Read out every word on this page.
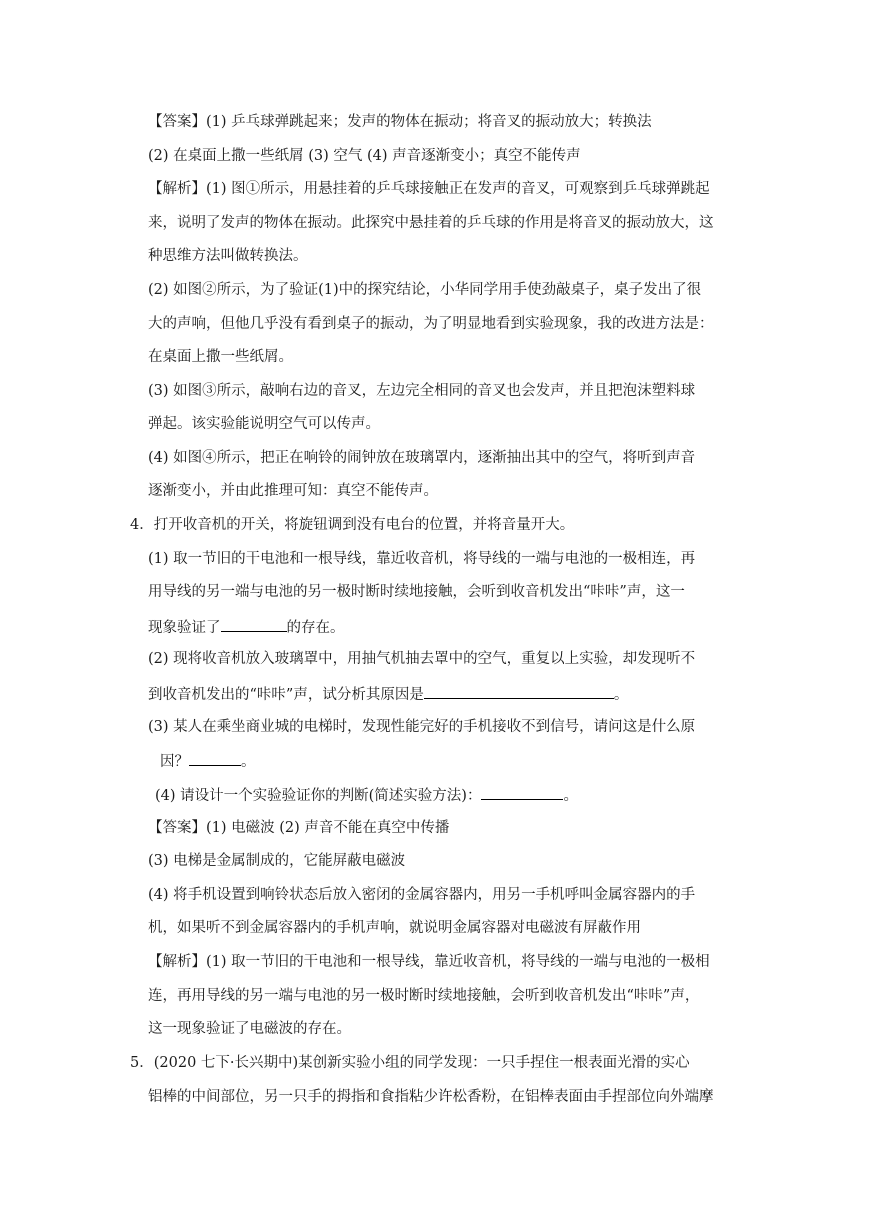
【答案】(1) 乒乓球弹跳起来；发声的物体在振动；将音叉的振动放大；转换法
(2) 在桌面上撒一些纸屑 (3) 空气 (4) 声音逐渐变小；真空不能传声
【解析】(1) 图①所示，用悬挂着的乒乓球接触正在发声的音叉，可观察到乒乓球弹跳起
来，说明了发声的物体在振动。此探究中悬挂着的乒乓球的作用是将音叉的振动放大，这
种思维方法叫做转换法。
(2) 如图②所示，为了验证(1)中的探究结论，小华同学用手使劲敲桌子，桌子发出了很
大的声响，但他几乎没有看到桌子的振动，为了明显地看到实验现象，我的改进方法是：
在桌面上撒一些纸屑。
(3) 如图③所示，敲响右边的音叉，左边完全相同的音叉也会发声，并且把泡沫塑料球
弹起。该实验能说明空气可以传声。
(4) 如图④所示，把正在响铃的闹钟放在玻璃罩内，逐渐抽出其中的空气，将听到声音
逐渐变小，并由此推理可知：真空不能传声。
4．打开收音机的开关，将旋钮调到没有电台的位置，并将音量开大。
(1) 取一节旧的干电池和一根导线，靠近收音机，将导线的一端与电池的一极相连，再
用导线的另一端与电池的另一极时断时续地接触，会听到收音机发出“咔咔”声，这一
现象验证了	的存在。
(2) 现将收音机放入玻璃罩中，用抽气机抽去罩中的空气，重复以上实验，却发现听不
到收音机发出的“咔咔”声，试分析其原因是	。
(3) 某人在乘坐商业城的电梯时，发现性能完好的手机接收不到信号，请问这是什么原
因？	。
(4) 请设计一个实验验证你的判断(简述实验方法)：	。
【答案】(1) 电磁波 (2) 声音不能在真空中传播
(3) 电梯是金属制成的，它能屏蔽电磁波
(4) 将手机设置到响铃状态后放入密闭的金属容器内，用另一手机呼叫金属容器内的手
机，如果听不到金属容器内的手机声响，就说明金属容器对电磁波有屏蔽作用
【解析】(1) 取一节旧的干电池和一根导线，靠近收音机，将导线的一端与电池的一极相
连，再用导线的另一端与电池的另一极时断时续地接触，会听到收音机发出“咔咔”声，
这一现象验证了电磁波的存在。
5．(2020 七下·长兴期中)某创新实验小组的同学发现：一只手捏住一根表面光滑的实心
铝棒的中间部位，另一只手的拇指和食指粘少许松香粉，在铝棒表面由手捏部位向外端摩
